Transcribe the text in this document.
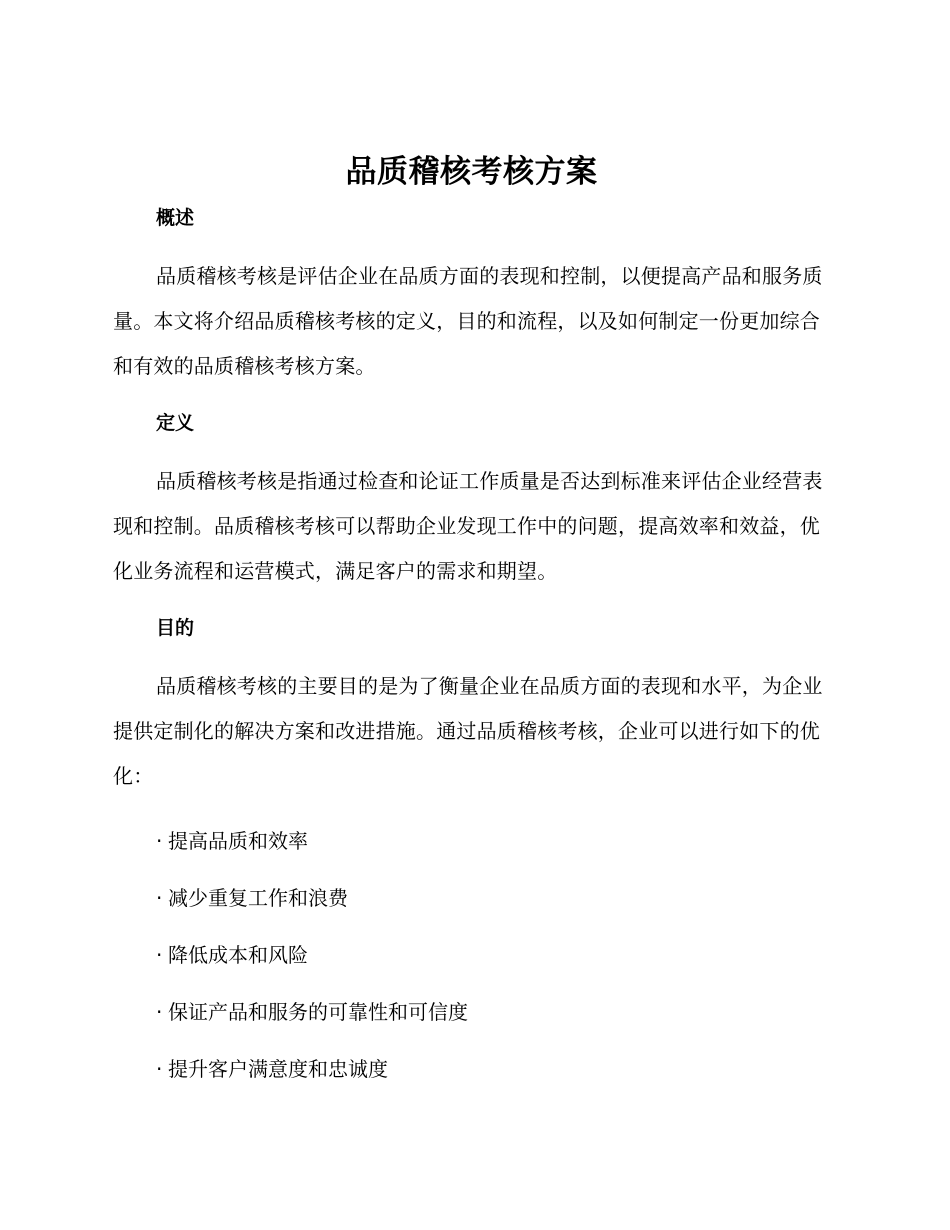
品质稽核考核方案
概述

品质稽核考核是评估企业在品质方面的表现和控制，以便提高产品和服务质量。本文将介绍品质稽核考核的定义，目的和流程，以及如何制定一份更加综合和有效的品质稽核考核方案。

定义

品质稽核考核是指通过检查和论证工作质量是否达到标准来评估企业经营表现和控制。品质稽核考核可以帮助企业发现工作中的问题，提高效率和效益，优化业务流程和运营模式，满足客户的需求和期望。

目的

品质稽核考核的主要目的是为了衡量企业在品质方面的表现和水平，为企业提供定制化的解决方案和改进措施。通过品质稽核考核，企业可以进行如下的优化：

· 提高品质和效率
· 减少重复工作和浪费
· 降低成本和风险
· 保证产品和服务的可靠性和可信度
· 提升客户满意度和忠诚度
